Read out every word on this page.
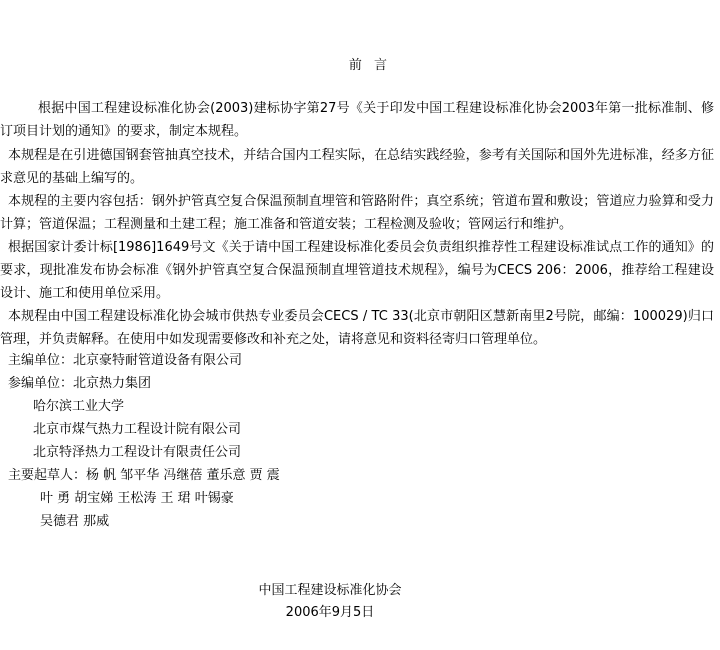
前 言

根据中国工程建设标准化协会(2003)建标协字第27号《关于印发中国工程建设标准化协会2003年第一批标准制、修订项目计划的通知》的要求，制定本规程。

本规程是在引进德国钢套管抽真空技术，并结合国内工程实际，在总结实践经验，参考有关国际和国外先进标准，经多方征求意见的基础上编写的。

本规程的主要内容包括：钢外护管真空复合保温预制直埋管和管路附件；真空系统；管道布置和敷设；管道应力验算和受力计算；管道保温；工程测量和土建工程；施工准备和管道安装；工程检测及验收；管网运行和维护。

根据国家计委计标[1986]1649号文《关于请中国工程建设标准化委员会负责组织推荐性工程建设标准试点工作的通知》的要求，现批准发布协会标准《钢外护管真空复合保温预制直埋管道技术规程》，编号为CECS 206：2006，推荐给工程建设设计、施工和使用单位采用。

本规程由中国工程建设标准化协会城市供热专业委员会CECS / TC 33(北京市朝阳区慧新南里2号院，邮编：100029)归口管理，并负责解释。在使用中如发现需要修改和补充之处，请将意见和资料径寄归口管理单位。

主编单位：北京豪特耐管道设备有限公司

参编单位：北京热力集团

哈尔滨工业大学

北京市煤气热力工程设计院有限公司

北京特泽热力工程设计有限责任公司

主要起草人：杨 帆 邹平华 冯继蓓 董乐意 贾 震

叶 勇 胡宝娣 王松涛 王 珺 叶锡豪

吴德君 那威

中国工程建设标准化协会

2006年9月5日
